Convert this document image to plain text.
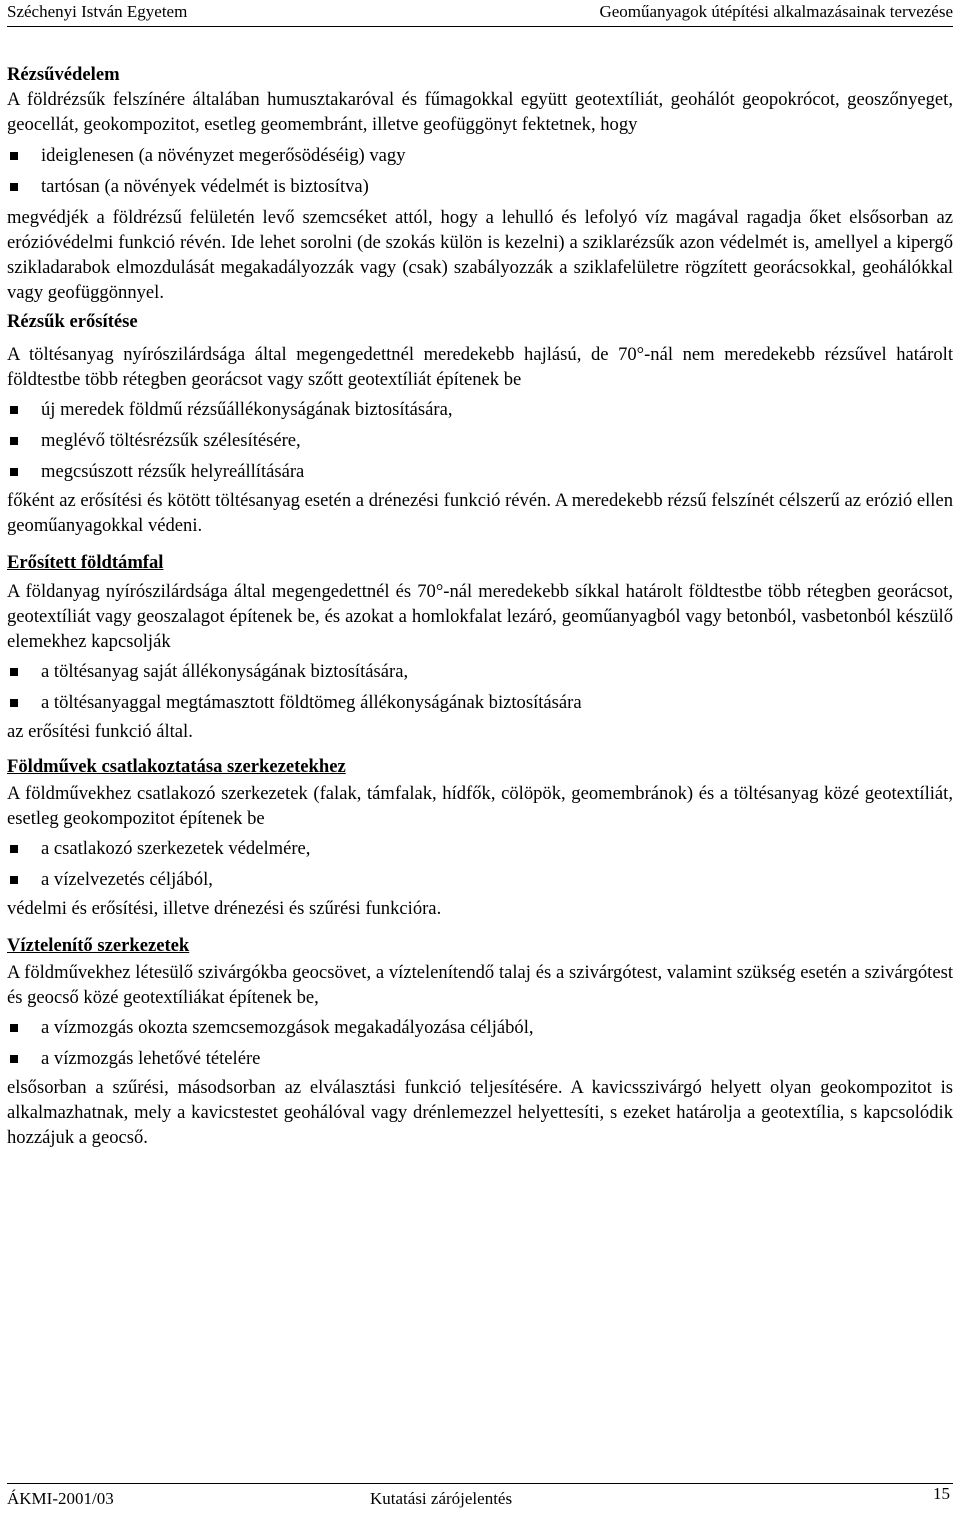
Széchenyi István Egyetem	Geoműanyagok útépítési alkalmazásainak tervezése
Rézsűvédelem

A földrézsűk felszínére általában humusztakaróval és fűmagokkal együtt geotextíliát, geohálót geopokrócot, geoszőnyeget, geocellát, geokompozitot, esetleg geomembránt, illetve geofüggönyt fektetnek, hogy

ideiglenesen (a növényzet megerősödéséig) vagy
tartósan (a növények védelmét is biztosítva)

megvédjék a földrézsű felületén levő szemcséket attól, hogy a lehulló és lefolyó víz magával ragadja őket elsősorban az erózióvédelmi funkció révén. Ide lehet sorolni (de szokás külön is kezelni) a sziklarézsűk azon védelmét is, amellyel a kipergő szikladarabok elmozdulását megakadályozzák vagy (csak) szabályozzák a sziklafelületre rögzített georácsokkal, geohálókkal vagy geofüggönnyel.

Rézsűk erősítése

A töltésanyag nyírószilárdsága által megengedettnél meredekebb hajlású, de 70°-nál nem meredekebb rézsűvel határolt földtestbe több rétegben georácsot vagy szőtt geotextíliát építenek be

új meredek földmű rézsűállékonyságának biztosítására,
meglévő töltésrézsűk szélesítésére,
megcsúszott rézsűk helyreállítására

főként az erősítési és kötött töltésanyag esetén a drénezési funkció révén. A meredekebb rézsű felszínét célszerű az erózió ellen geoműanyagokkal védeni.

Erősített földtámfal

A földanyag nyírószilárdsága által megengedettnél és 70°-nál meredekebb síkkal határolt földtestbe több rétegben georácsot, geotextíliát vagy geoszalagot építenek be, és azokat a homlokfalat lezáró, geoműanyagból vagy betonból, vasbetonból készülő elemekhez kapcsolják

a töltésanyag saját állékonyságának biztosítására,
a töltésanyaggal megtámasztott földtömeg állékonyságának biztosítására

az erősítési funkció által.

Földművek csatlakoztatása szerkezetekhez

A földművekhez csatlakozó szerkezetek (falak, támfalak, hídfők, cölöpök, geomembránok) és a töltésanyag közé geotextíliát, esetleg geokompozitot építenek be

a csatlakozó szerkezetek védelmére,
a vízelvezetés céljából,

védelmi és erősítési, illetve drénezési és szűrési funkcióra.

Víztelenítő szerkezetek

A földművekhez létesülő szivárgókba geocsövet, a víztelenítendő talaj és a szivárgótest, valamint szükség esetén a szivárgótest és geocső közé geotextíliákat építenek be,

a vízmozgás okozta szemcsemozgások megakadályozása céljából,
a vízmozgás lehetővé tételére

elsősorban a szűrési, másodsorban az elválasztási funkció teljesítésére. A kavicsszivárgó helyett olyan geokompozitot is alkalmazhatnak, mely a kavicstestet geohálóval vagy drénlemezzel helyettesíti, s ezeket határolja a geotextília, s kapcsolódik hozzájuk a geocső.

ÁKMI-2001/03	Kutatási zárójelentés	15
